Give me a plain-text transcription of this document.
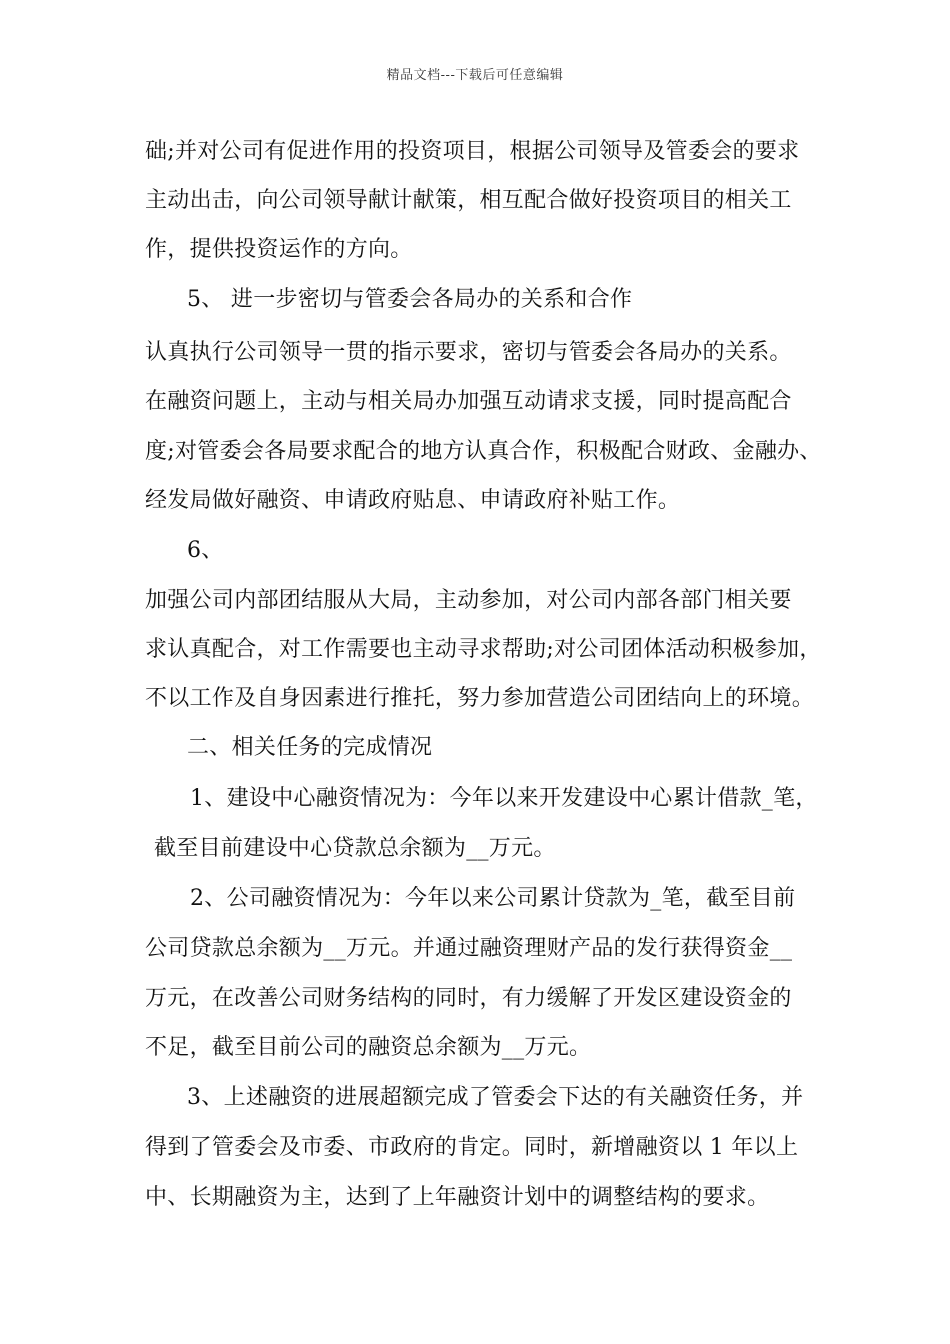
精品文档---下载后可任意编辑
础;并对公司有促进作用的投资项目，根据公司领导及管委会的要求
主动出击，向公司领导献计献策，相互配合做好投资项目的相关工
作，提供投资运作的方向。
5、 进一步密切与管委会各局办的关系和合作
认真执行公司领导一贯的指示要求，密切与管委会各局办的关系。
在融资问题上，主动与相关局办加强互动请求支援，同时提高配合
度;对管委会各局要求配合的地方认真合作，积极配合财政、金融办、
经发局做好融资、申请政府贴息、申请政府补贴工作。
6、
加强公司内部团结服从大局，主动参加，对公司内部各部门相关要
求认真配合，对工作需要也主动寻求帮助;对公司团体活动积极参加，
不以工作及自身因素进行推托，努力参加营造公司团结向上的环境。
二、相关任务的完成情况
1、建设中心融资情况为：今年以来开发建设中心累计借款_笔，
截至目前建设中心贷款总余额为__万元。
2、公司融资情况为：今年以来公司累计贷款为_笔，截至目前
公司贷款总余额为__万元。并通过融资理财产品的发行获得资金__
万元，在改善公司财务结构的同时，有力缓解了开发区建设资金的
不足，截至目前公司的融资总余额为__万元。
3、上述融资的进展超额完成了管委会下达的有关融资任务，并
得到了管委会及市委、市政府的肯定。同时，新增融资以 1 年以上
中、长期融资为主，达到了上年融资计划中的调整结构的要求。
